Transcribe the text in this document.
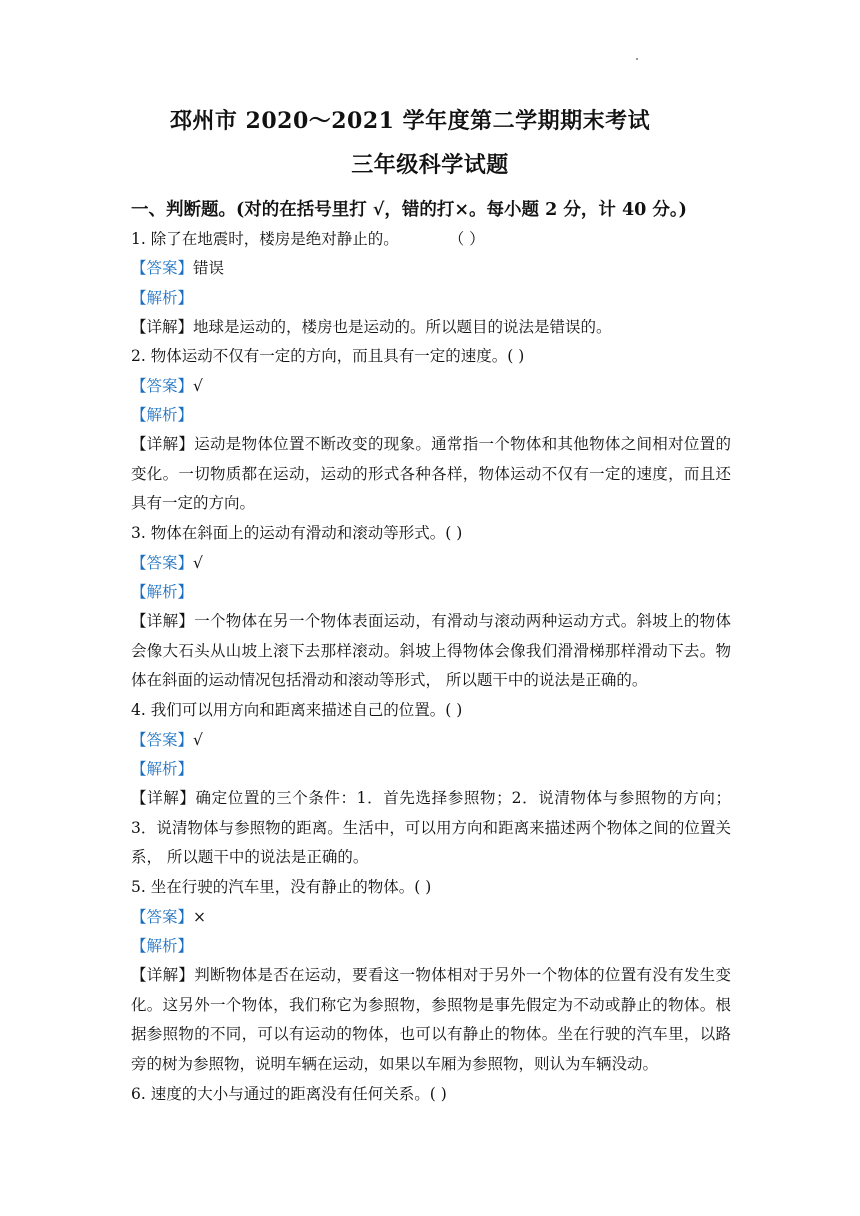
邳州市 2020～2021 学年度第二学期期末考试
三年级科学试题
一、判断题。(对的在括号里打 √，错的打×。每小题 2 分，计 40 分。)
1. 除了在地震时，楼房是绝对静止的。	（ ）
【答案】错误
【解析】
【详解】地球是运动的，楼房也是运动的。所以题目的说法是错误的。
2. 物体运动不仅有一定的方向，而且具有一定的速度。( )
【答案】√
【解析】
【详解】运动是物体位置不断改变的现象。通常指一个物体和其他物体之间相对位置的变化。一切物质都在运动，运动的形式各种各样，物体运动不仅有一定的速度，而且还具有一定的方向。
3. 物体在斜面上的运动有滑动和滚动等形式。( )
【答案】√
【解析】
【详解】一个物体在另一个物体表面运动，有滑动与滚动两种运动方式。斜坡上的物体会像大石头从山坡上滚下去那样滚动。斜坡上得物体会像我们滑滑梯那样滑动下去。物体在斜面的运动情况包括滑动和滚动等形式， 所以题干中的说法是正确的。
4. 我们可以用方向和距离来描述自己的位置。( )
【答案】√
【解析】
【详解】确定位置的三个条件：1．首先选择参照物；2．说清物体与参照物的方向；3．说清物体与参照物的距离。生活中，可以用方向和距离来描述两个物体之间的位置关系， 所以题干中的说法是正确的。
5. 坐在行驶的汽车里，没有静止的物体。( )
【答案】×
【解析】
【详解】判断物体是否在运动，要看这一物体相对于另外一个物体的位置有没有发生变化。这另外一个物体，我们称它为参照物，参照物是事先假定为不动或静止的物体。根据参照物的不同，可以有运动的物体，也可以有静止的物体。坐在行驶的汽车里，以路旁的树为参照物，说明车辆在运动，如果以车厢为参照物，则认为车辆没动。
6. 速度的大小与通过的距离没有任何关系。( )
